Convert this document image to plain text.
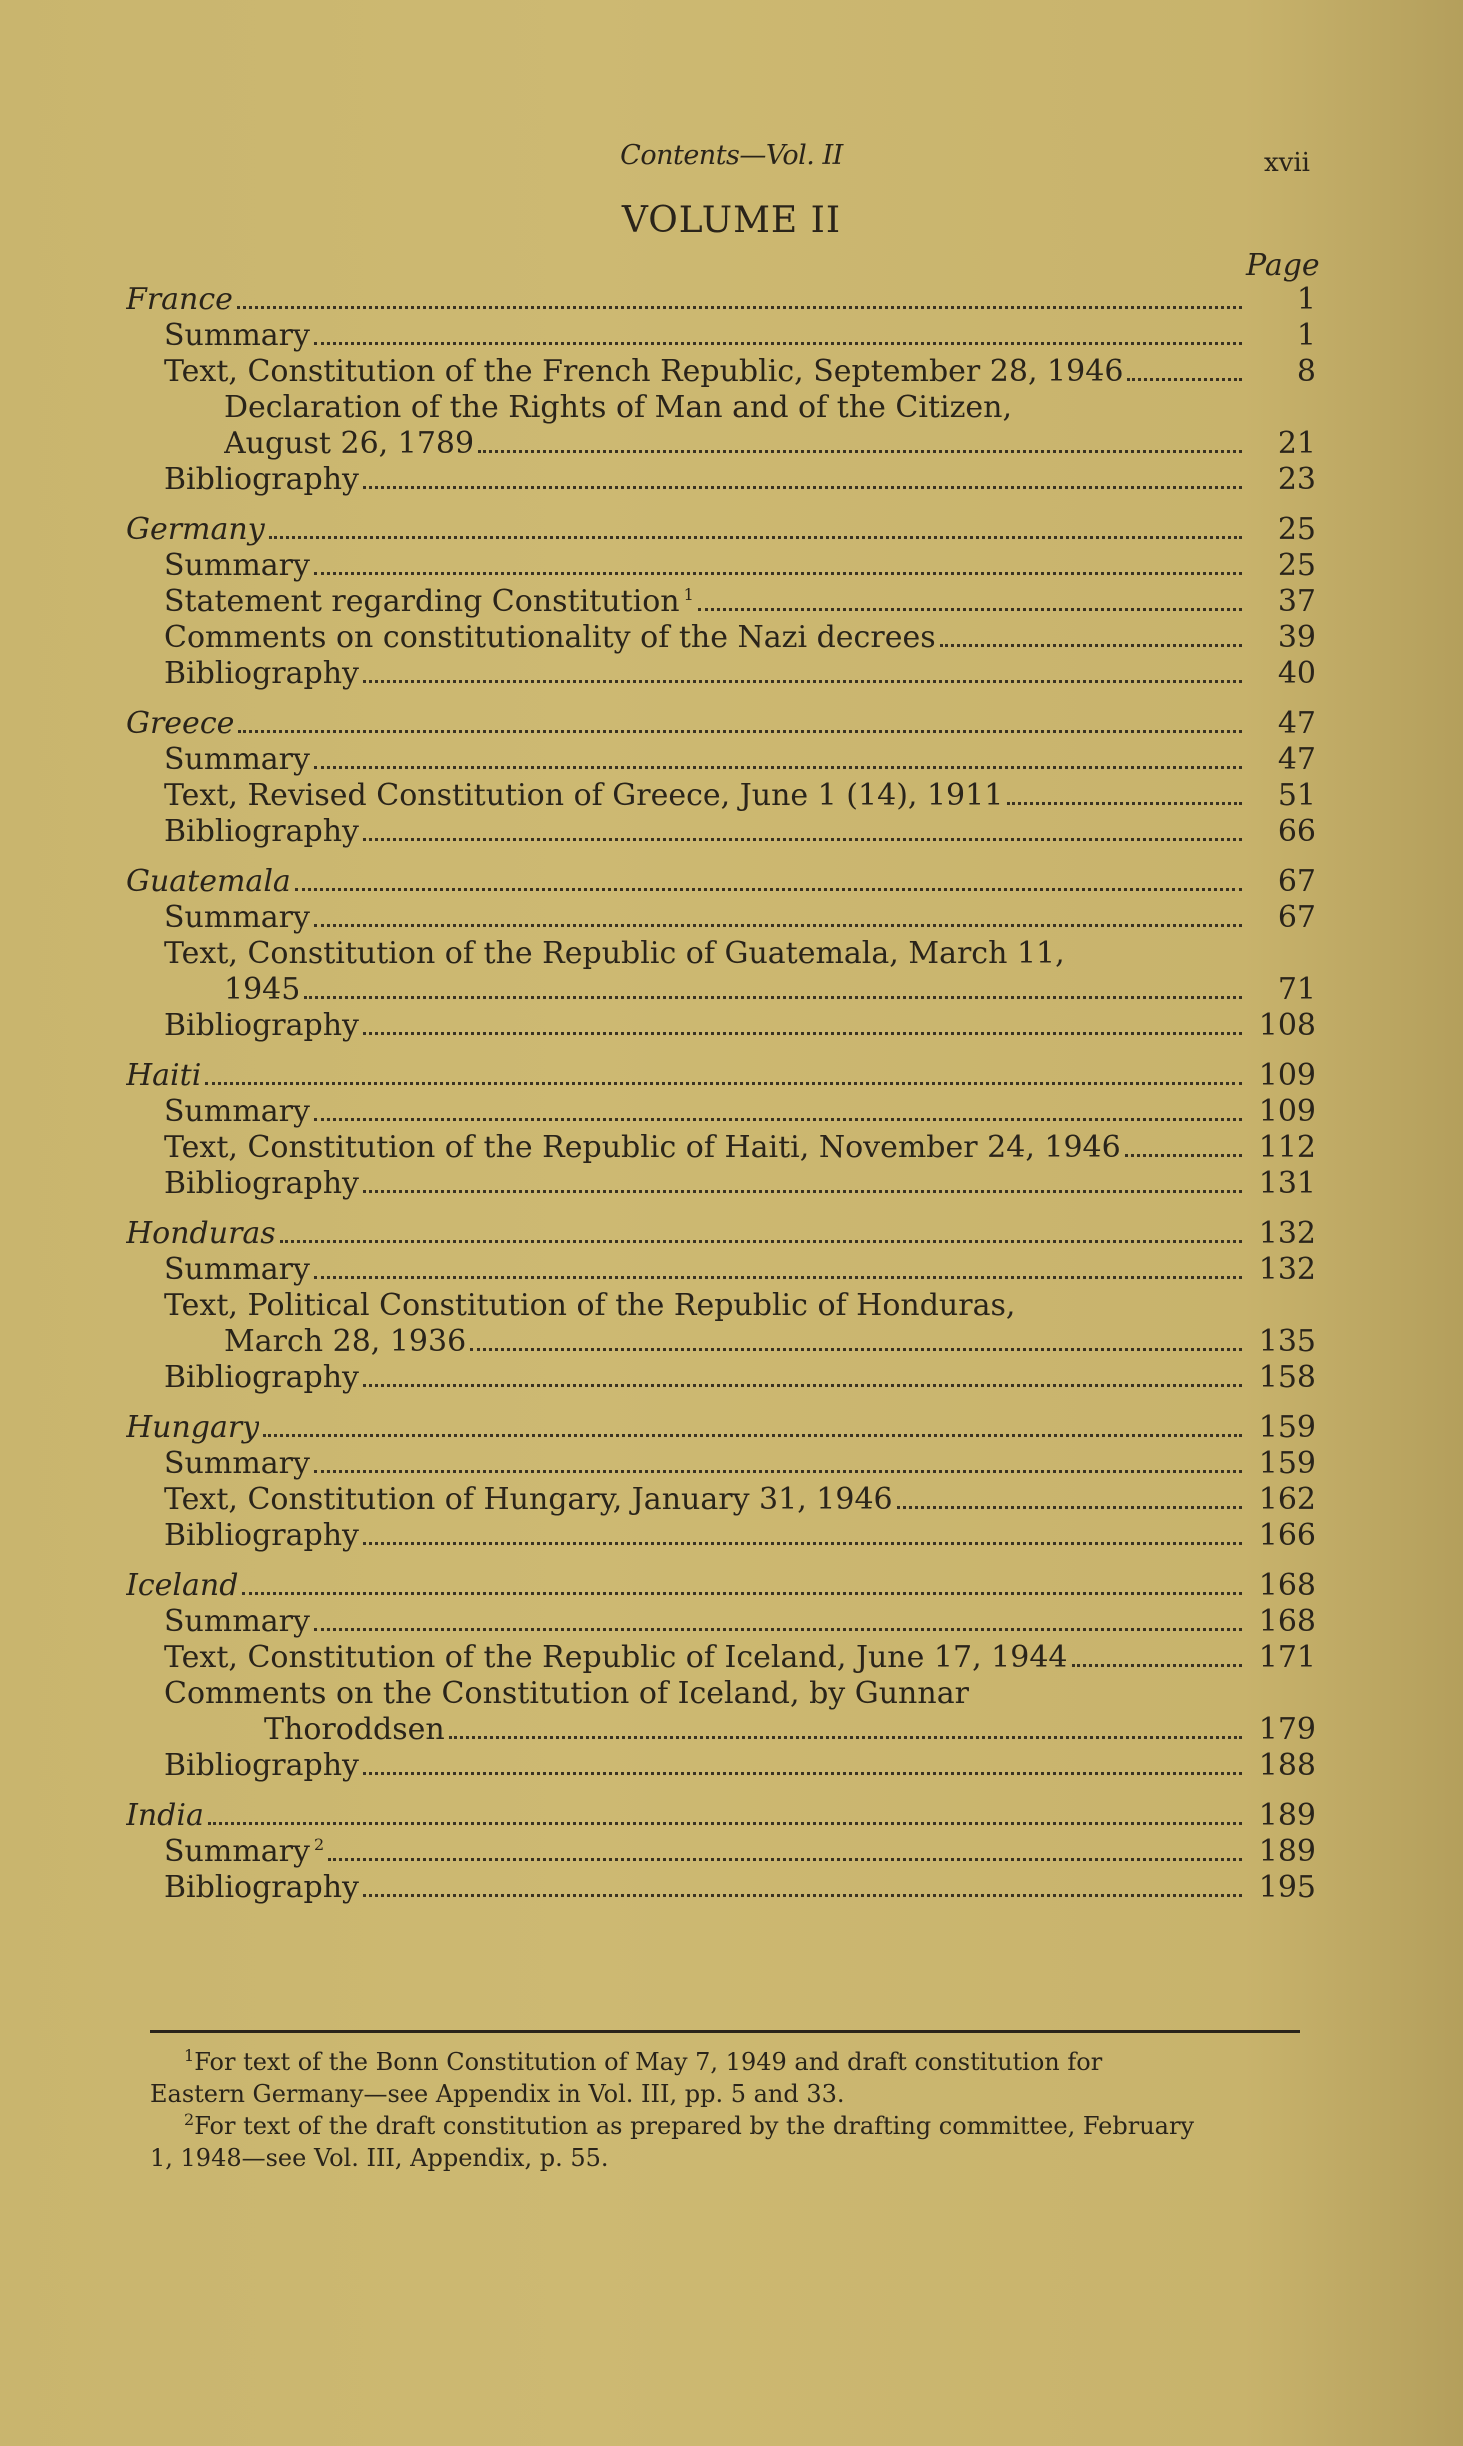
Contents—Vol. II	xvii
VOLUME II
Page
France	1
Summary	1
Text, Constitution of the French Republic, September 28, 1946	8
Declaration of the Rights of Man and of the Citizen,
August 26, 1789	21
Bibliography	23
Germany	25
Summary	25
Statement regarding Constitution $^1$	37
Comments on constitutionality of the Nazi decrees	39
Bibliography	40
Greece	47
Summary	47
Text, Revised Constitution of Greece, June 1 (14), 1911	51
Bibliography	66
Guatemala	67
Summary	67
Text, Constitution of the Republic of Guatemala, March 11,
1945	71
Bibliography	108
Haiti	109
Summary	109
Text, Constitution of the Republic of Haiti, November 24, 1946	112
Bibliography	131
Honduras	132
Summary	132
Text, Political Constitution of the Republic of Honduras,
March 28, 1936	135
Bibliography	158
Hungary	159
Summary	159
Text, Constitution of Hungary, January 31, 1946	162
Bibliography	166
Iceland	168
Summary	168
Text, Constitution of the Republic of Iceland, June 17, 1944	171
Comments on the Constitution of Iceland, by Gunnar
Thoroddsen	179
Bibliography	188
India	189
Summary $^2$	189
Bibliography	195

$^1$For text of the Bonn Constitution of May 7, 1949 and draft constitution for

Eastern Germany—see Appendix in Vol. III, pp. 5 and 33.

$^2$For text of the draft constitution as prepared by the drafting committee, February

1, 1948—see Vol. III, Appendix, p. 55.
